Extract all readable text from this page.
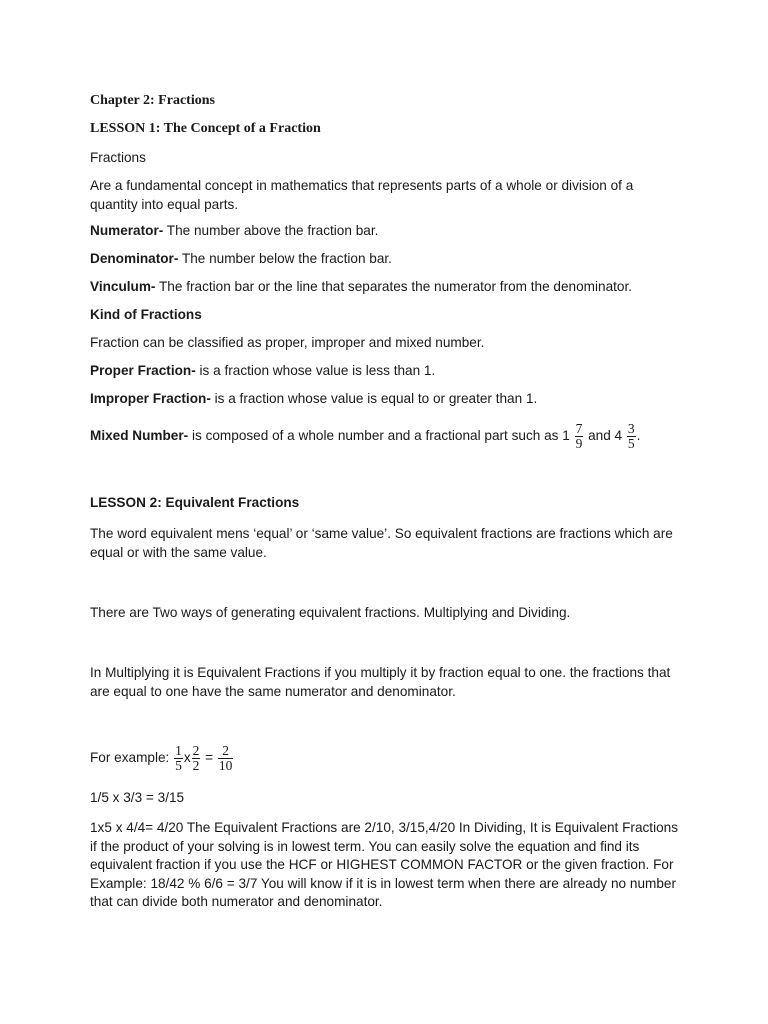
Chapter 2: Fractions

LESSON 1: The Concept of a Fraction

Fractions

Are a fundamental concept in mathematics that represents parts of a whole or division of a quantity into equal parts.

Numerator- The number above the fraction bar.

Denominator- The number below the fraction bar.

Vinculum- The fraction bar or the line that separates the numerator from the denominator.

Kind of Fractions

Fraction can be classified as proper, improper and mixed number.

Proper Fraction- is a fraction whose value is less than 1.

Improper Fraction- is a fraction whose value is equal to or greater than 1.

Mixed Number- is composed of a whole number and a fractional part such as $1 \frac{7}{9}$ and $4 \frac{3}{5}$ .

LESSON 2: Equivalent Fractions

The word equivalent mens ‘equal’ or ‘same value’. So equivalent fractions are fractions which are equal or with the same value.

There are Two ways of generating equivalent fractions. Multiplying and Dividing.

In Multiplying it is Equivalent Fractions if you multiply it by fraction equal to one. the fractions that are equal to one have the same numerator and denominator.

For example: $\frac{1}{5}$ x $\frac{2}{2} = \frac{2}{10}$

1/5 x 3/3 = 3/15

1x5 x 4/4= 4/20 The Equivalent Fractions are 2/10, 3/15,4/20 In Dividing, It is Equivalent Fractions if the product of your solving is in lowest term. You can easily solve the equation and find its equivalent fraction if you use the HCF or HIGHEST COMMON FACTOR or the given fraction. For Example: 18/42 % 6/6 = 3/7 You will know if it is in lowest term when there are already no number that can divide both numerator and denominator.
